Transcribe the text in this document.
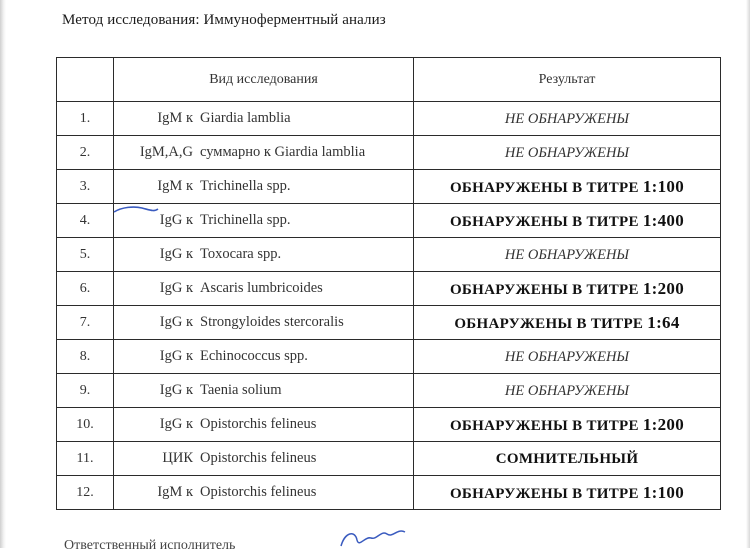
Метод исследования: Иммуноферментный анализ
	Вид исследования	Результат
1.	IgM к Giardia lamblia	НЕ ОБНАРУЖЕНЫ
2.	IgM,A,G суммарно к Giardia lamblia	НЕ ОБНАРУЖЕНЫ
3.	IgM к Trichinella spp.	ОБНАРУЖЕНЫ В ТИТРЕ 1:100
4.	IgG к Trichinella spp.	ОБНАРУЖЕНЫ В ТИТРЕ 1:400
5.	IgG к Toxocara spp.	НЕ ОБНАРУЖЕНЫ
6.	IgG к Ascaris lumbricoides	ОБНАРУЖЕНЫ В ТИТРЕ 1:200
7.	IgG к Strongyloides stercoralis	ОБНАРУЖЕНЫ В ТИТРЕ 1:64
8.	IgG к Echinococcus spp.	НЕ ОБНАРУЖЕНЫ
9.	IgG к Taenia solium	НЕ ОБНАРУЖЕНЫ
10.	IgG к Opistorchis felineus	ОБНАРУЖЕНЫ В ТИТРЕ 1:200
11.	ЦИК Opistorchis felineus	СОМНИТЕЛЬНЫЙ
12.	IgM к Opistorchis felineus	ОБНАРУЖЕНЫ В ТИТРЕ 1:100
Ответственный исполнитель
